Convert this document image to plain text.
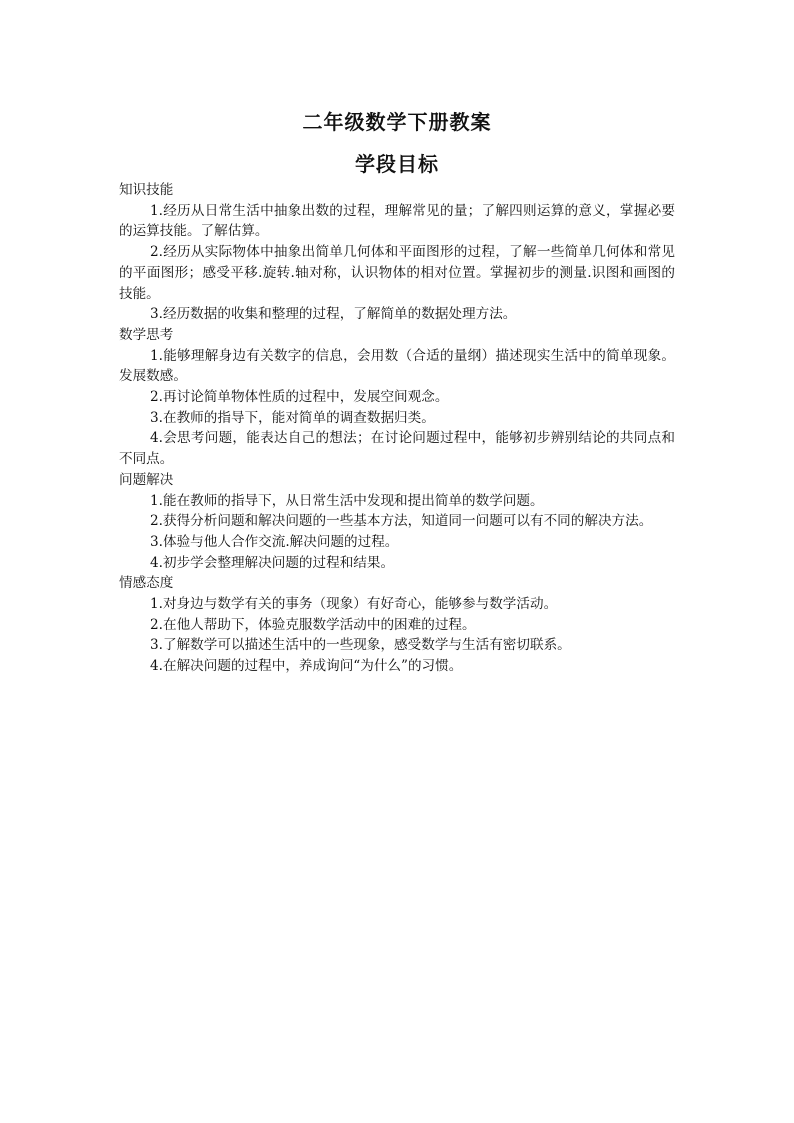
二年级数学下册教案
学段目标

知识技能

1.经历从日常生活中抽象出数的过程，理解常见的量；了解四则运算的意义，掌握必要的运算技能。了解估算。

2.经历从实际物体中抽象出简单几何体和平面图形的过程，了解一些简单几何体和常见的平面图形；感受平移.旋转.轴对称，认识物体的相对位置。掌握初步的测量.识图和画图的技能。

3.经历数据的收集和整理的过程，了解简单的数据处理方法。

数学思考

1.能够理解身边有关数字的信息，会用数（合适的量纲）描述现实生活中的简单现象。发展数感。

2.再讨论简单物体性质的过程中，发展空间观念。

3.在教师的指导下，能对简单的调查数据归类。

4.会思考问题，能表达自己的想法；在讨论问题过程中，能够初步辨别结论的共同点和不同点。

问题解决

1.能在教师的指导下，从日常生活中发现和提出简单的数学问题。

2.获得分析问题和解决问题的一些基本方法，知道同一问题可以有不同的解决方法。

3.体验与他人合作交流.解决问题的过程。

4.初步学会整理解决问题的过程和结果。

情感态度

1.对身边与数学有关的事务（现象）有好奇心，能够参与数学活动。

2.在他人帮助下，体验克服数学活动中的困难的过程。

3.了解数学可以描述生活中的一些现象，感受数学与生活有密切联系。

4.在解决问题的过程中，养成询问“为什么”的习惯。
